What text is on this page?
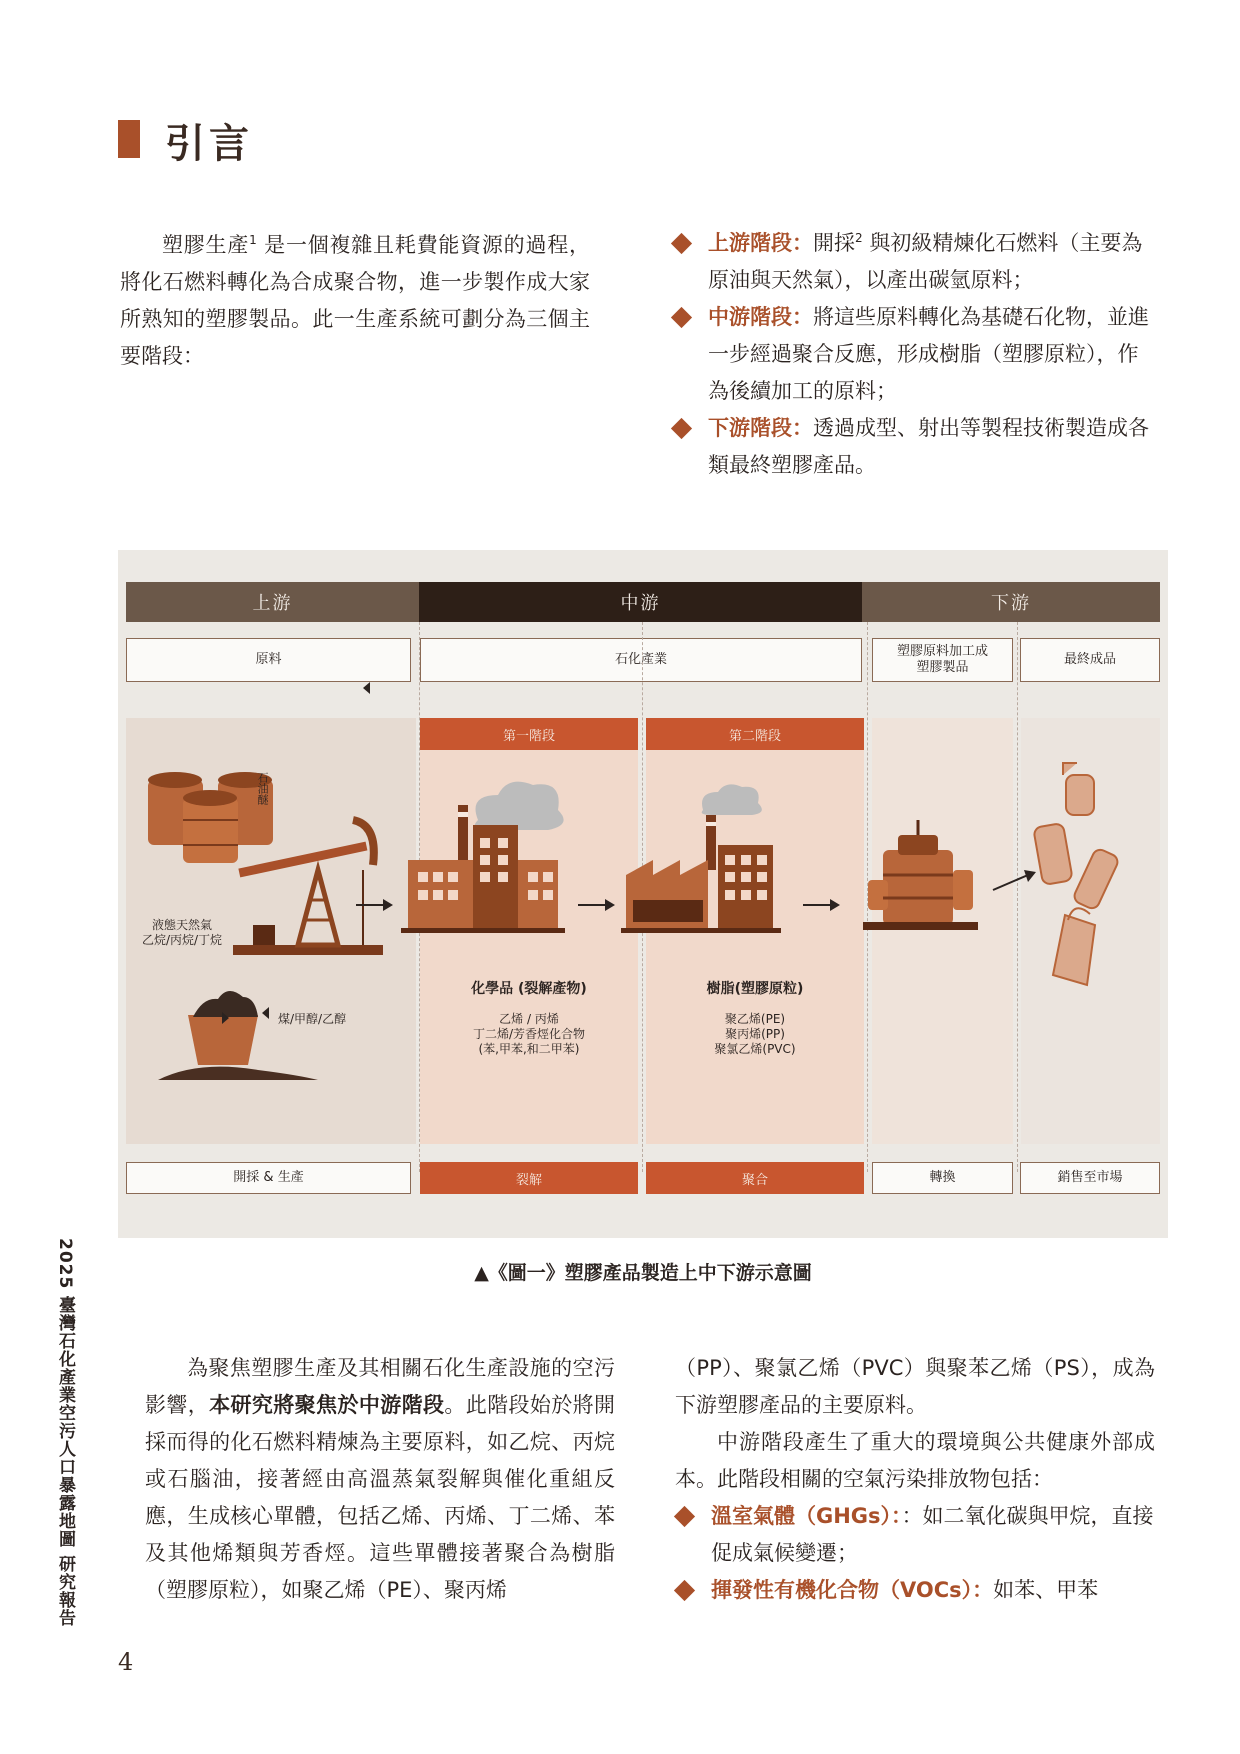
引言

塑膠生產$^1$ 是一個複雜且耗費能資源的過程，將化石燃料轉化為合成聚合物，進一步製作成大家所熟知的塑膠製品。此一生產系統可劃分為三個主要階段：

上游階段：開採$^2$ 與初級精煉化石燃料（主要為原油與天然氣），以產出碳氫原料；
中游階段：將這些原料轉化為基礎石化物，並進一步經過聚合反應，形成樹脂（塑膠原粒），作為後續加工的原料；
下游階段：透過成型、射出等製程技術製造成各類最終塑膠產品。
上游	中游	下游
原料	石化產業
塑膠原料加工成
塑膠製品
最終成品
第一階段	第二階段
石油醚
液態天然氣
乙烷/丙烷/丁烷
煤/甲醇/乙醇
化學品 (裂解產物)
乙烯 / 丙烯
丁二烯/芳香烴化合物
(苯,甲苯,和二甲苯)
樹脂(塑膠原粒)
聚乙烯(PE)
聚丙烯(PP)
聚氯乙烯(PVC)
開採 & 生產	裂解	聚合	轉換	銷售至市場
▲《圖一》塑膠產品製造上中下游示意圖

為聚焦塑膠生產及其相關石化生產設施的空污影響，本研究將聚焦於中游階段。此階段始於將開採而得的化石燃料精煉為主要原料，如乙烷、丙烷或石腦油，接著經由高溫蒸氣裂解與催化重組反應，生成核心單體，包括乙烯、丙烯、丁二烯、苯及其他烯類與芳香烴。這些單體接著聚合為樹脂（塑膠原粒），如聚乙烯（PE）、聚丙烯

（PP）、聚氯乙烯（PVC）與聚苯乙烯（PS），成為下游塑膠產品的主要原料。

中游階段產生了重大的環境與公共健康外部成本。此階段相關的空氣污染排放物包括：

溫室氣體（GHGs）：：如二氧化碳與甲烷，直接促成氣候變遷；
揮發性有機化合物（VOCs）：如苯、甲苯
2025 臺灣石化產業空污人口暴露地圖 研究報告
4
